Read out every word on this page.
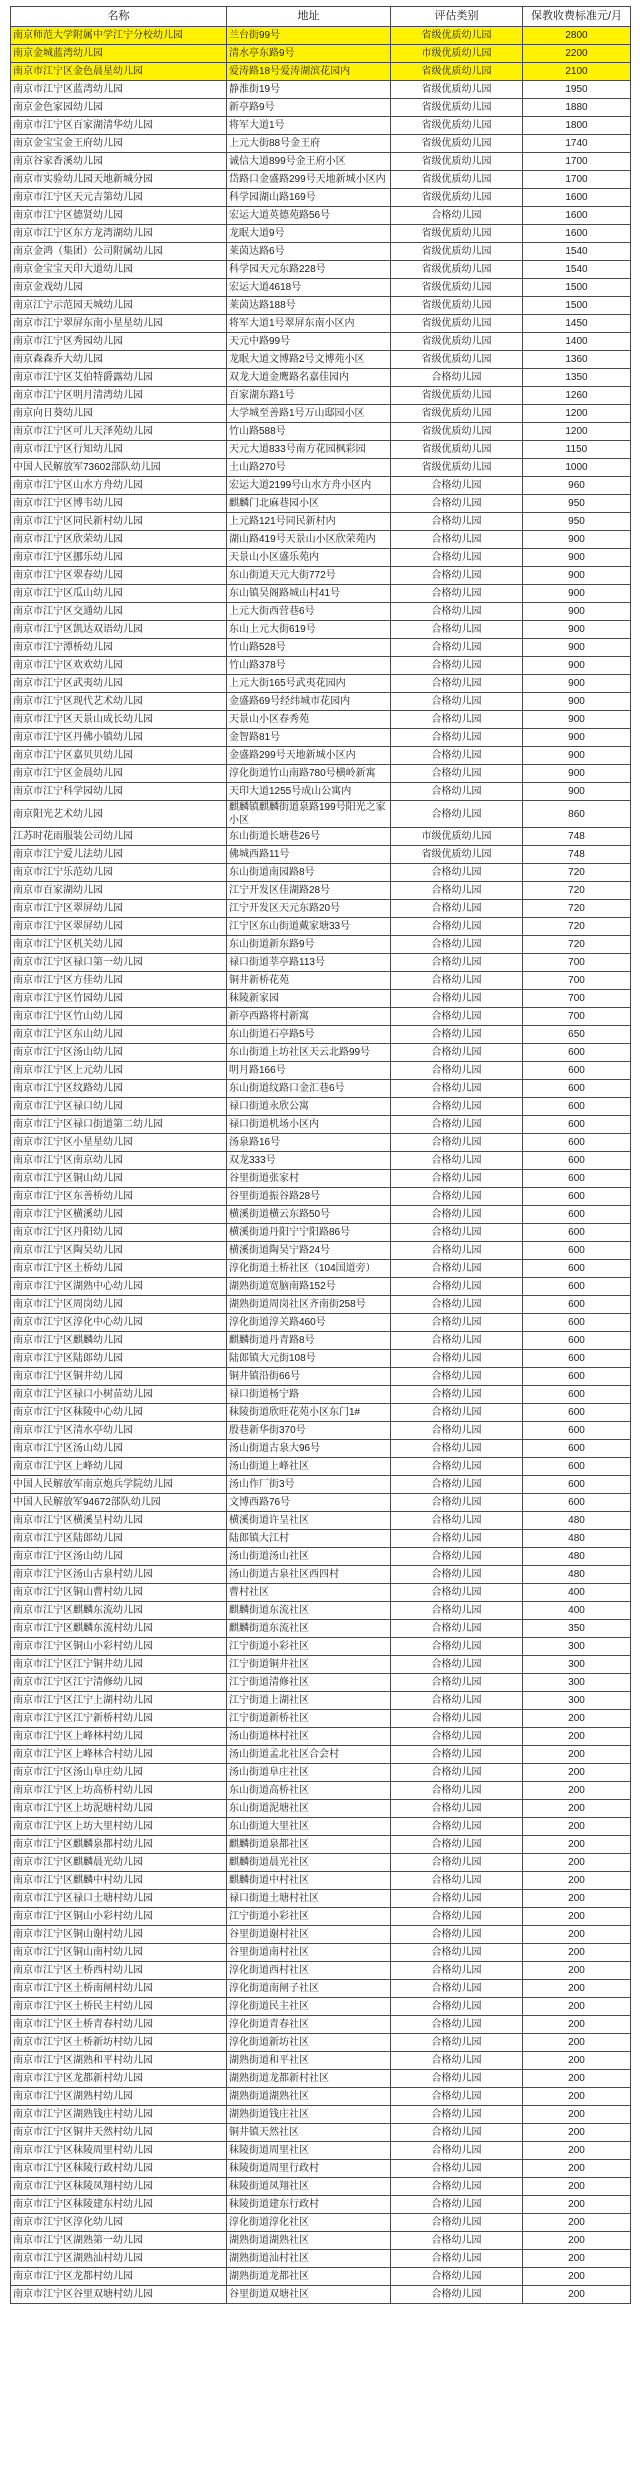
名称	地址	评估类别	保教收费标准元/月
南京师范大学附属中学江宁分校幼儿园	兰台街99号	省级优质幼儿园	2800
南京金城蓝湾幼儿园	清水亭东路9号	市级优质幼儿园	2200
南京市江宁区金色晨星幼儿园	爱涛路18号爱涛湖滨花园内	省级优质幼儿园	2100
南京市江宁区蓝湾幼儿园	静淮街19号	省级优质幼儿园	1950
南京金色家园幼儿园	新亭路9号	省级优质幼儿园	1880
南京市江宁区百家湖清华幼儿园	将军大道1号	省级优质幼儿园	1800
南京金宝宝金王府幼儿园	上元大街88号金王府	省级优质幼儿园	1740
南京谷家香溪幼儿园	诚信大道899号金王府小区	省级优质幼儿园	1700
南京市实验幼儿园天地新城分园	岱路口金盛路299号天地新城小区内	省级优质幼儿园	1700
南京市江宁区天元吉第幼儿园	科学园湖山路169号	省级优质幼儿园	1600
南京市江宁区德贤幼儿园	宏运大道英德苑路56号	合格幼儿园	1600
南京市江宁区东方龙湾湖幼儿园	龙眠大道9号	省级优质幼儿园	1600
南京金鸿（集团）公司附属幼儿园	莱茵达路6号	省级优质幼儿园	1540
南京金宝宝天印大道幼儿园	科学园天元东路228号	省级优质幼儿园	1540
南京金戏幼儿园	宏运大道4618号	省级优质幼儿园	1500
南京江宁示范园天城幼儿园	莱茵达路188号	省级优质幼儿园	1500
南京市江宁翠屏东南小星星幼儿园	将军大道1号翠屏东南小区内	省级优质幼儿园	1450
南京市江宁区秀园幼儿园	天元中路99号	省级优质幼儿园	1400
南京森森乔大幼儿园	龙眠大道文博路2号文博苑小区	省级优质幼儿园	1360
南京市江宁区艾伯特爵露幼儿园	双龙大道金鹰路名嘉佳园内	合格幼儿园	1350
南京市江宁区明月清湾幼儿园	百家湖东路1号	省级优质幼儿园	1260
南京向日葵幼儿园	大学城至善路1号万山邸园小区	省级优质幼儿园	1200
南京市江宁区可儿天泽苑幼儿园	竹山路588号	省级优质幼儿园	1200
南京市江宁区行知幼儿园	天元大道833号南方花园枫彩园	省级优质幼儿园	1150
中国人民解放军73602部队幼儿园	土山路270号	省级优质幼儿园	1000
南京市江宁区山水方舟幼儿园	宏运大道2199号山水方舟小区内	合格幼儿园	960
南京市江宁区博韦幼儿园	麒麟门北麻巷园小区	合格幼儿园	950
南京市江宁区同民新村幼儿园	上元路121号同民新村内	合格幼儿园	950
南京市江宁区欣荣幼儿园	湖山路419号天景山小区欣荣苑内	合格幼儿园	900
南京市江宁区挪乐幼儿园	天景山小区盛乐苑内	合格幼儿园	900
南京市江宁区翠春幼儿园	东山街道天元大街772号	合格幼儿园	900
南京市江宁区瓜山幼儿园	东山镇吴阁路城山村41号	合格幼儿园	900
南京市江宁区交通幼儿园	上元大街西营巷6号	合格幼儿园	900
南京市江宁区凯达双语幼儿园	东山上元大街619号	合格幼儿园	900
南京市江宁潭桥幼儿园	竹山路528号	合格幼儿园	900
南京市江宁区欢欢幼儿园	竹山路378号	合格幼儿园	900
南京市江宁区武夷幼儿园	上元大街165号武夷花园内	合格幼儿园	900
南京市江宁区现代艺术幼儿园	金盛路69号经纬城市花园内	合格幼儿园	900
南京市江宁区天景山成长幼儿园	天景山小区春秀苑	合格幼儿园	900
南京市江宁区丹佛小镇幼儿园	金智路81号	合格幼儿园	900
南京市江宁区嘉贝贝幼儿园	金盛路299号天地新城小区内	合格幼儿园	900
南京市江宁区金晨幼儿园	淳化街道竹山南路780号横岭新寓	合格幼儿园	900
南京市江宁科学园幼儿园	天印大道1255号成山公寓内	合格幼儿园	900
南京阳光艺术幼儿园	麒麟镇麒麟街道泉路199号阳光之家小区	合格幼儿园	860
江苏时花雨服装公司幼儿园	东山街道长塘巷26号	市级优质幼儿园	748
南京市江宁爱儿法幼儿园	佛城西路11号	省级优质幼儿园	748
南京市江宁乐范幼儿园	东山街道南园路8号	合格幼儿园	720
南京市百家湖幼儿园	江宁开发区佳湖路28号	合格幼儿园	720
南京市江宁区翠屏幼儿园	江宁开发区天元东路20号	合格幼儿园	720
南京市江宁区翠屏幼儿园	江宁区东山街道戴家塘33号	合格幼儿园	720
南京市江宁区机关幼儿园	东山街道新东路9号	合格幼儿园	720
南京市江宁区禄口第一幼儿园	禄口街道莘亭路113号	合格幼儿园	700
南京市江宁区方佳幼儿园	铜井新桥花苑	合格幼儿园	700
南京市江宁区竹园幼儿园	秣陵新家园	合格幼儿园	700
南京市江宁区竹山幼儿园	新亭西路将村新寓	合格幼儿园	700
南京市江宁区东山幼儿园	东山街道石亭路5号	合格幼儿园	650
南京市江宁区汤山幼儿园	东山街道上坊社区天云北路99号	合格幼儿园	600
南京市江宁区上元幼儿园	明月路166号	合格幼儿园	600
南京市江宁区纹路幼儿园	东山街道纹路口金汇巷6号	合格幼儿园	600
南京市江宁区禄口幼儿园	禄口街道永欣公寓	合格幼儿园	600
南京市江宁区禄口街道第二幼儿园	禄口街道机场小区内	合格幼儿园	600
南京市江宁区小星星幼儿园	汤泉路16号	合格幼儿园	600
南京市江宁区南京幼儿园	双龙333号	合格幼儿园	600
南京市江宁区铜山幼儿园	谷里街道张家村	合格幼儿园	600
南京市江宁区东善桥幼儿园	谷里街道振谷路28号	合格幼儿园	600
南京市江宁区横溪幼儿园	横溪街道横云东路50号	合格幼儿园	600
南京市江宁区丹阳幼儿园	横溪街道丹阳宁宁阳路86号	合格幼儿园	600
南京市江宁区陶吴幼儿园	横溪街道陶吴宁路24号	合格幼儿园	600
南京市江宁区土桥幼儿园	淳化街道土桥社区（104国道旁）	合格幼儿园	600
南京市江宁区湖熟中心幼儿园	湖熟街道宽脑南路152号	合格幼儿园	600
南京市江宁区周岗幼儿园	湖熟街道周岗社区齐南街258号	合格幼儿园	600
南京市江宁区淳化中心幼儿园	淳化街道淳关路460号	合格幼儿园	600
南京市江宁区麒麟幼儿园	麒麟街道丹青路8号	合格幼儿园	600
南京市江宁区陆郎幼儿园	陆郎镇大元街108号	合格幼儿园	600
南京市江宁区铜井幼儿园	铜井镇沿街66号	合格幼儿园	600
南京市江宁区禄口小树苗幼儿园	禄口街道杨宁路	合格幼儿园	600
南京市江宁区秣陵中心幼儿园	秣陵街道欣旺花苑小区东门1#	合格幼儿园	600
南京市江宁区清水亭幼儿园	殷巷新华街370号	合格幼儿园	600
南京市江宁区汤山幼儿园	汤山街道古泉大96号	合格幼儿园	600
南京市江宁区上峰幼儿园	汤山街道上峰社区	合格幼儿园	600
中国人民解放军南京炮兵学院幼儿园	汤山作厂街3号	合格幼儿园	600
中国人民解放军94672部队幼儿园	文博西路76号	合格幼儿园	600
南京市江宁区横溪呈村幼儿园	横溪街道许呈社区	合格幼儿园	480
南京市江宁区陆郎幼儿园	陆郎镇大江村	合格幼儿园	480
南京市江宁区汤山幼儿园	汤山街道汤山社区	合格幼儿园	480
南京市江宁区汤山古泉村幼儿园	汤山街道古泉社区西四村	合格幼儿园	480
南京市江宁区铜山曹村幼儿园	曹村社区	合格幼儿园	400
南京市江宁区麒麟东流幼儿园	麒麟街道东流社区	合格幼儿园	400
南京市江宁区麒麟东流村幼儿园	麒麟街道东流社区	合格幼儿园	350
南京市江宁区铜山小彩村幼儿园	江宁街道小彩社区	合格幼儿园	300
南京市江宁区江宁铜井幼儿园	江宁街道铜井社区	合格幼儿园	300
南京市江宁区江宁清修幼儿园	江宁街道清修社区	合格幼儿园	300
南京市江宁区江宁上湖村幼儿园	江宁街道上湖社区	合格幼儿园	300
南京市江宁区江宁新桥村幼儿园	江宁街道新桥社区	合格幼儿园	200
南京市江宁区上峰林村幼儿园	汤山街道林村社区	合格幼儿园	200
南京市江宁区上峰林合村幼儿园	汤山街道孟北社区合会村	合格幼儿园	200
南京市江宁区汤山阜庄幼儿园	汤山街道阜庄社区	合格幼儿园	200
南京市江宁区上坊高桥村幼儿园	东山街道高桥社区	合格幼儿园	200
南京市江宁区上坊泥塘村幼儿园	东山街道泥塘社区	合格幼儿园	200
南京市江宁区上坊大里村幼儿园	东山街道大里社区	合格幼儿园	200
南京市江宁区麒麟泉都村幼儿园	麒麟街道泉都社区	合格幼儿园	200
南京市江宁区麒麟晨光幼儿园	麒麟街道晨光社区	合格幼儿园	200
南京市江宁区麒麟中村幼儿园	麒麟街道中村社区	合格幼儿园	200
南京市江宁区禄口土塘村幼儿园	禄口街道土塘村社区	合格幼儿园	200
南京市江宁区铜山小彩村幼儿园	江宁街道小彩社区	合格幼儿园	200
南京市江宁区铜山谢村幼儿园	谷里街道谢村社区	合格幼儿园	200
南京市江宁区铜山南村幼儿园	谷里街道南村社区	合格幼儿园	200
南京市江宁区土桥西村幼儿园	淳化街道西村社区	合格幼儿园	200
南京市江宁区土桥南闸村幼儿园	淳化街道南闸子社区	合格幼儿园	200
南京市江宁区土桥民主村幼儿园	淳化街道民主社区	合格幼儿园	200
南京市江宁区土桥青春村幼儿园	淳化街道青春社区	合格幼儿园	200
南京市江宁区土桥新坊村幼儿园	淳化街道新坊社区	合格幼儿园	200
南京市江宁区湖熟和平村幼儿园	湖熟街道和平社区	合格幼儿园	200
南京市江宁区龙都新村幼儿园	湖熟街道龙都新村社区	合格幼儿园	200
南京市江宁区湖熟村幼儿园	湖熟街道湖熟社区	合格幼儿园	200
南京市江宁区湖熟钱庄村幼儿园	湖熟街道钱庄社区	合格幼儿园	200
南京市江宁区铜井天然村幼儿园	铜井镇天然社区	合格幼儿园	200
南京市江宁区秣陵周里村幼儿园	秣陵街道周里社区	合格幼儿园	200
南京市江宁区秣陵行政村幼儿园	秣陵街道周里行政村	合格幼儿园	200
南京市江宁区秣陵凤翔村幼儿园	秣陵街道凤翔社区	合格幼儿园	200
南京市江宁区秣陵建东村幼儿园	秣陵街道建东行政村	合格幼儿园	200
南京市江宁区淳化幼儿园	淳化街道淳化社区	合格幼儿园	200
南京市江宁区湖熟第一幼儿园	湖熟街道湖熟社区	合格幼儿园	200
南京市江宁区湖熟汕村幼儿园	湖熟街道汕村社区	合格幼儿园	200
南京市江宁区龙都村幼儿园	湖熟街道龙都社区	合格幼儿园	200
南京市江宁区谷里双塘村幼儿园	谷里街道双塘社区	合格幼儿园	200
